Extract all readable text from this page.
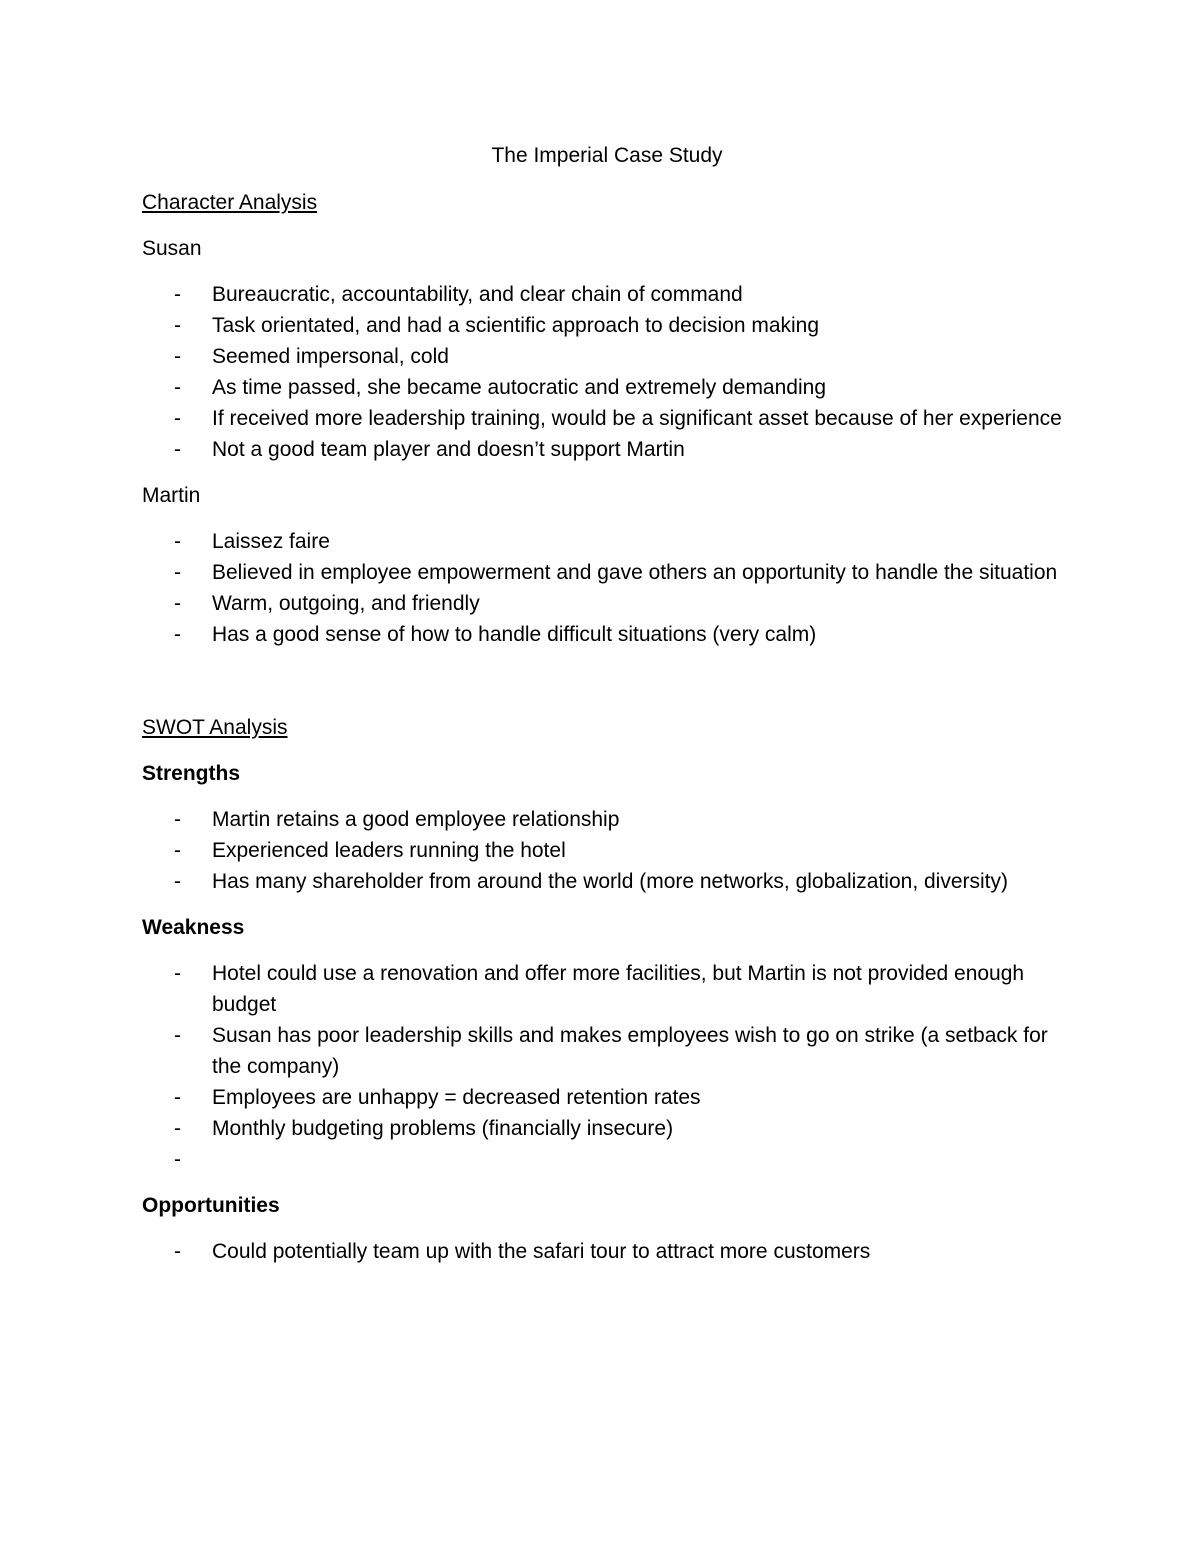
The Imperial Case Study
Character Analysis
Susan
- Bureaucratic, accountability, and clear chain of command
- Task orientated, and had a scientific approach to decision making
- Seemed impersonal, cold
- As time passed, she became autocratic and extremely demanding
- If received more leadership training, would be a significant asset because of her experience
- Not a good team player and doesn’t support Martin
Martin
- Laissez faire
- Believed in employee empowerment and gave others an opportunity to handle the situation
- Warm, outgoing, and friendly
- Has a good sense of how to handle difficult situations (very calm)
SWOT Analysis
Strengths
- Martin retains a good employee relationship
- Experienced leaders running the hotel
- Has many shareholder from around the world (more networks, globalization, diversity)
Weakness
- Hotel could use a renovation and offer more facilities, but Martin is not provided enough budget
- Susan has poor leadership skills and makes employees wish to go on strike (a setback for the company)
- Employees are unhappy = decreased retention rates
- Monthly budgeting problems (financially insecure)
-

Opportunities
- Could potentially team up with the safari tour to attract more customers
